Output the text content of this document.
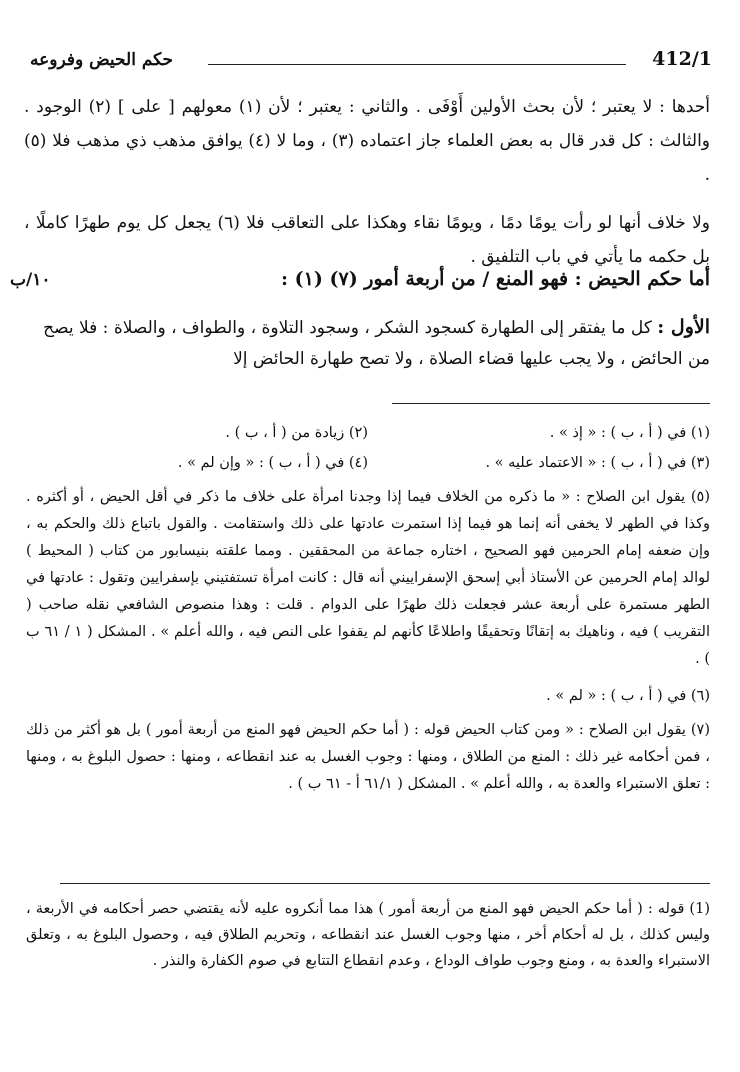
412/1
حكم الحيض وفروعه

أحدها : لا يعتبر ؛ لأن بحث الأولين أَوْفَى . والثاني : يعتبر ؛ لأن (١) معولهم [ على ] (٢) الوجود . والثالث : كل قدر قال به بعض العلماء جاز اعتماده (٣) ، وما لا (٤) يوافق مذهب ذي مذهب فلا (٥) .

ولا خلاف أنها لو رأت يومًا دمًا ، ويومًا نقاء وهكذا على التعاقب فلا (٦) يجعل كل يوم طهرًا كاملًا ، بل حكمه ما يأتي في باب التلفيق .

أما حكم الحيض : فهو المنع / من أربعة أمور (٧) (١) :
١٠/ب

الأول : كل ما يفتقر إلى الطهارة كسجود الشكر ، وسجود التلاوة ، والطواف ، والصلاة : فلا يصح من الحائض ، ولا يجب عليها قضاء الصلاة ، ولا تصح طهارة الحائض إلا

(١) في ( أ ، ب ) : « إذ » .
(٢) زيادة من ( أ ، ب ) .
(٣) في ( أ ، ب ) : « الاعتماد عليه » .
(٤) في ( أ ، ب ) : « وإن لم » .
(٥) يقول ابن الصلاح : « ما ذكره من الخلاف فيما إذا وجدنا امرأة على خلاف ما ذكر في أقل الحيض ، أو أكثره . وكذا في الطهر لا يخفى أنه إنما هو فيما إذا استمرت عادتها على ذلك واستقامت . والقول باتباع ذلك والحكم به ، وإن ضعفه إمام الحرمين فهو الصحيح ، اختاره جماعة من المحققين . ومما علقته بنيسابور من كتاب ( المحيط ) لوالد إمام الحرمين عن الأستاذ أبي إسحق الإسفراييني أنه قال : كانت امرأة تستفتيني بإسفرايين وتقول : عادتها في الطهر مستمرة على أربعة عشر فجعلت ذلك طهرًا على الدوام . قلت : وهذا منصوص الشافعي نقله صاحب ( التقريب ) فيه ، وناهيك به إتقانًا وتحقيقًا واطلاعًا كأنهم لم يقفوا على النص فيه ، والله أعلم » . المشكل ( ١ / ٦١ ب ) .
(٦) في ( أ ، ب ) : « لم » .
(٧) يقول ابن الصلاح : « ومن كتاب الحيض قوله : ( أما حكم الحيض فهو المنع من أربعة أمور ) بل هو أكثر من ذلك ، فمن أحكامه غير ذلك : المنع من الطلاق ، ومنها : وجوب الغسل به عند انقطاعه ، ومنها : حصول البلوغ به ، ومنها : تعلق الاستبراء والعدة به ، والله أعلم » . المشكل ( ٦١/١ أ - ٦١ ب ) .
(1) قوله : ( أما حكم الحيض فهو المنع من أربعة أمور ) هذا مما أنكروه عليه لأنه يقتضي حصر أحكامه في الأربعة ، وليس كذلك ، بل له أحكام أخر ، منها وجوب الغسل عند انقطاعه ، وتحريم الطلاق فيه ، وحصول البلوغ به ، وتعلق الاستبراء والعدة به ، ومنع وجوب طواف الوداع ، وعدم انقطاع التتابع في صوم الكفارة والنذر .
